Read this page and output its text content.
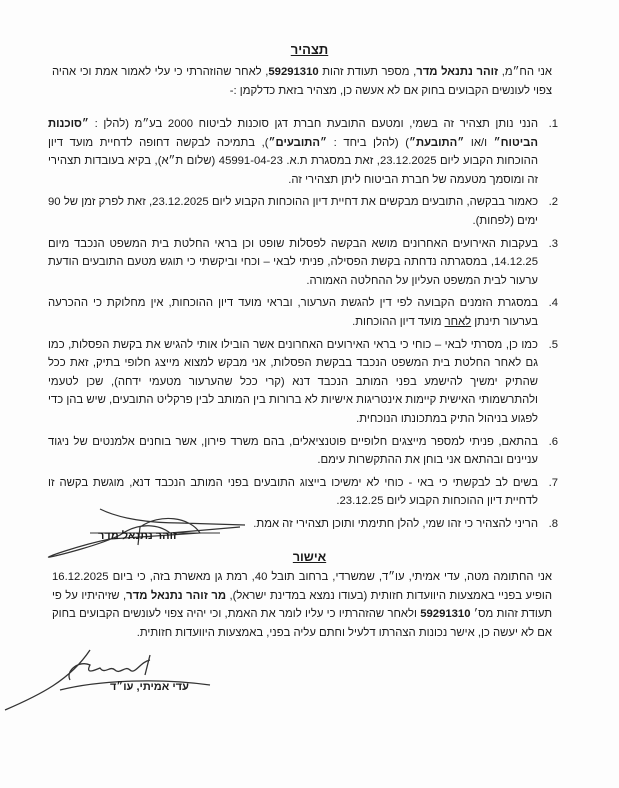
תצהיר
אני הח״מ, זוהר נתנאל מדר, מספר תעודת זהות 59291310, לאחר שהוזהרתי כי עלי לאמור אמת וכי אהיה צפוי לעונשים הקבועים בחוק אם לא אעשה כן, מצהיר בזאת כדלקמן :-
1.
הנני נותן תצהיר זה בשמי, ומטעם התובעת חברת דגן סוכנות לביטוח 2000 בע״מ (להלן : ״סוכנות הביטוח״ ו/או ״התובעת״) (להלן ביחד : ״התובעים״), בתמיכה לבקשה דחופה לדחיית מועד דיון ההוכחות הקבוע ליום 23.12.2025, זאת במסגרת ת.א. 45991-04-23 (שלום ת״א), בקיא בעובדות תצהירי זה ומוסמך מטעמה של חברת הביטוח ליתן תצהירי זה.
2.
כאמור בבקשה, התובעים מבקשים את דחיית דיון ההוכחות הקבוע ליום 23.12.2025, זאת לפרק זמן של 90 ימים (לפחות).
3.
בעקבות האירועים האחרונים מושא הבקשה לפסלות שופט וכן בראי החלטת בית המשפט הנכבד מיום 14.12.25, במסגרתה נדחתה בקשת הפסילה, פניתי לבאי – וכחי וביקשתי כי תוגש מטעם התובעים הודעת ערעור לבית המשפט העליון על ההחלטה האמורה.
4.
במסגרת הזמנים הקבועה לפי דין להגשת הערעור, ובראי מועד דיון ההוכחות, אין מחלוקת כי ההכרעה בערעור תינתן לאחר מועד דיון ההוכחות.
5.
כמו כן, מסרתי לבאי – כוחי כי בראי האירועים האחרונים אשר הובילו אותי להגיש את בקשת הפסלות, כמו גם לאחר החלטת בית המשפט הנכבד בבקשת הפסלות, אני מבקש למצוא מייצג חלופי בתיק, זאת ככל שהתיק ימשיך להישמע בפני המותב הנכבד דנא (קרי ככל שהערעור מטעמי ידחה), שכן לטעמי ולהתרשמותי האישית קיימות אינטריגות אישיות לא ברורות בין המותב לבין פרקליט התובעים, שיש בהן כדי לפגוע בניהול התיק במתכונתו הנוכחית.
6.
בהתאם, פניתי למספר מייצגים חלופיים פוטנציאלים, בהם משרד פירון, אשר בוחנים אלמנטים של ניגוד עניינים ובהתאם אני בוחן את ההתקשרות עימם.
7.
בשים לב לבקשתי כי באי - כוחי לא ימשיכו בייצוג התובעים בפני המותב הנכבד דנא, מוגשת בקשה זו לדחיית דיון ההוכחות הקבוע ליום 23.12.25.
8.
הריני להצהיר כי זהו שמי, להלן חתימתי ותוכן תצהירי זה אמת.
זוהר נתנאל מדר
אישור
אני החתומה מטה, עדי אמיתי, עו״ד, שמשרדי, ברחוב תובל 40, רמת גן מאשרת בזה, כי ביום 16.12.2025 הופיע בפניי באמצעות היוועדות חזותית (בעודו נמצא במדינת ישראל), מר זוהר נתנאל מדר, שזיהיתיו על פי תעודת זהות מס׳ 59291310 ולאחר שהזהרתיו כי עליו לומר את האמת, וכי יהיה צפוי לעונשים הקבועים בחוק אם לא יעשה כן, אישר נכונות הצהרתו דלעיל וחתם עליה בפני, באמצעות היוועדות חזותית.
עדי אמיתי, עו״ד
